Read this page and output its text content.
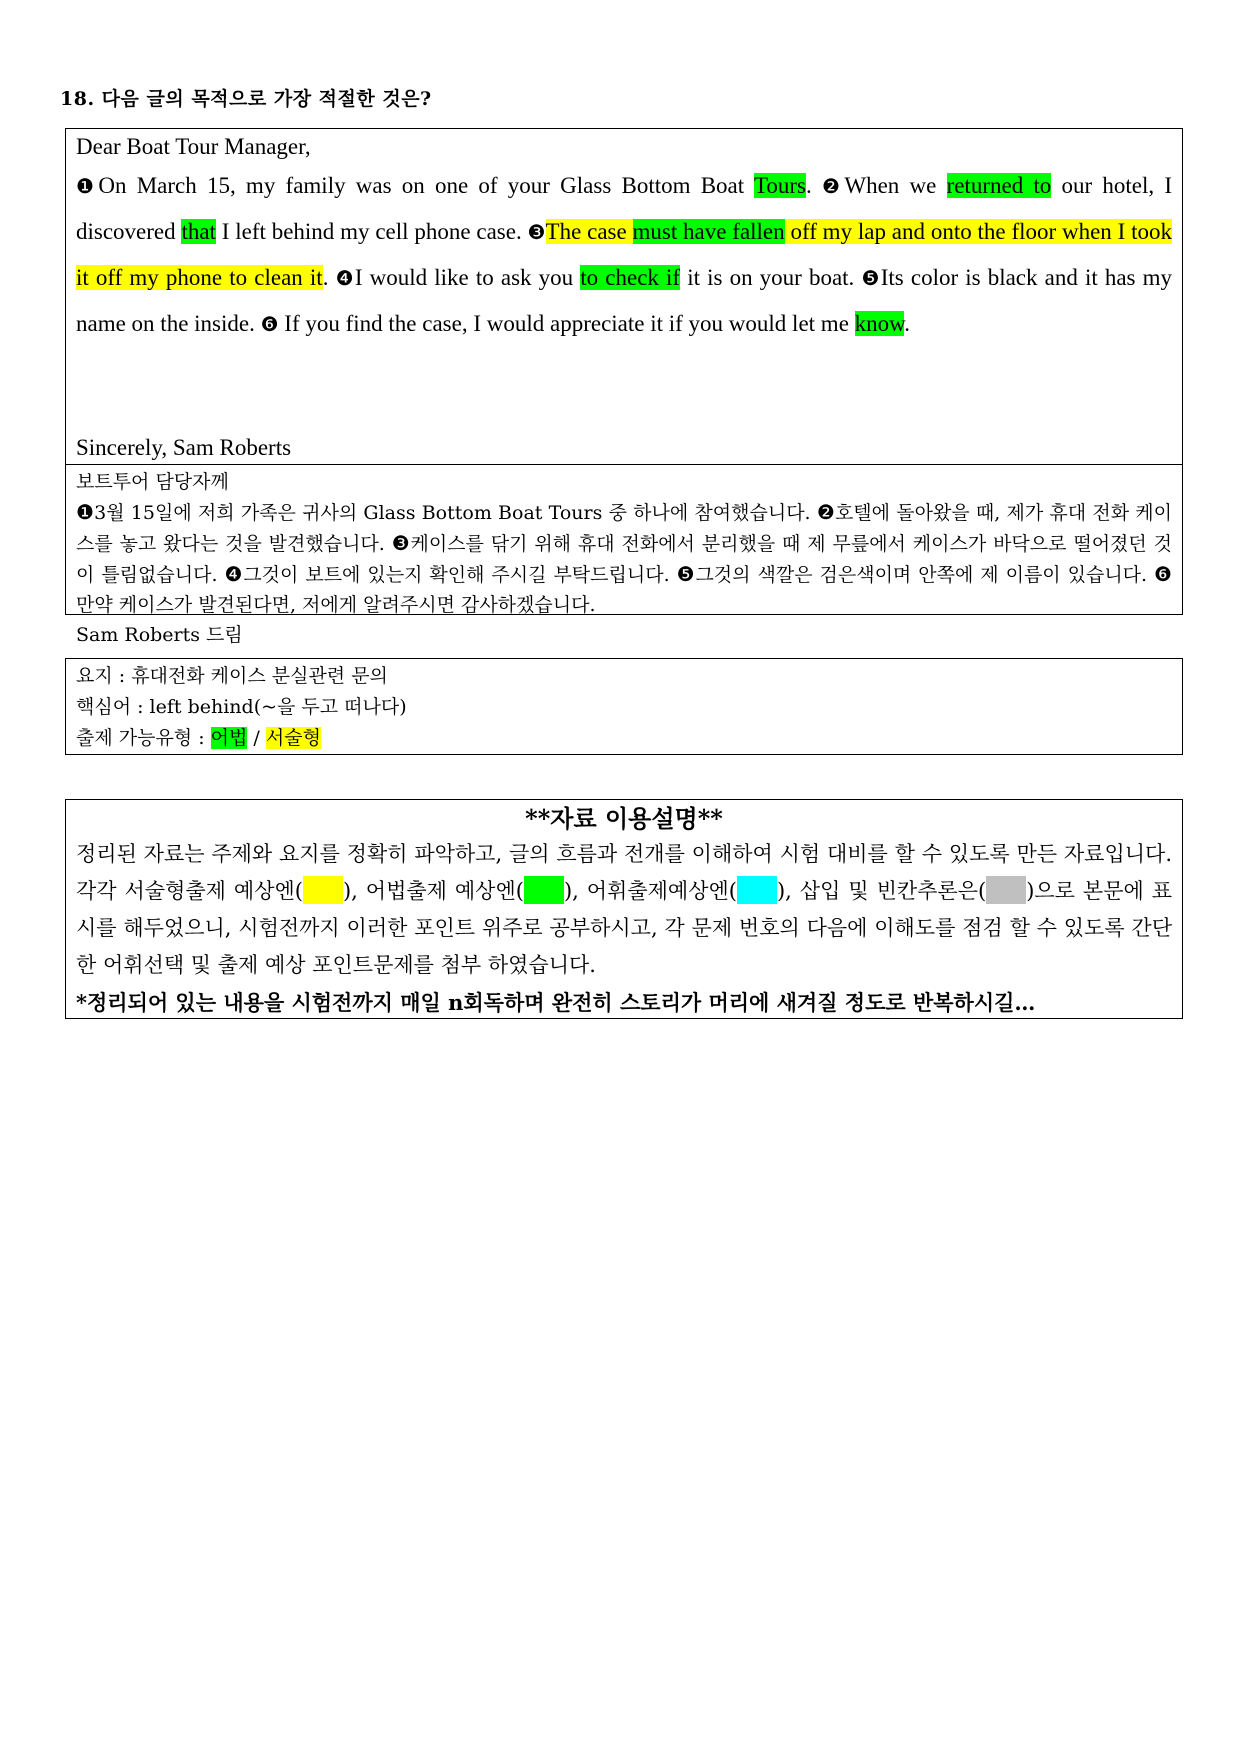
18. 다음 글의 목적으로 가장 적절한 것은?

Dear Boat Tour Manager,

❶On March 15, my family was on one of your Glass Bottom Boat Tours. ❷When we returned to our hotel, I discovered that I left behind my cell phone case. ❸The case must have fallen off my lap and onto the floor when I took it off my phone to clean it. ❹I would like to ask you to check if it is on your boat. ❺Its color is black and it has my name on the inside. ❻ If you find the case, I would appreciate it if you would let me know.

Sincerely, Sam Roberts

보트투어 담당자께

❶3월 15일에 저희 가족은 귀사의 Glass Bottom Boat Tours 중 하나에 참여했습니다. ❷호텔에 돌아왔을 때, 제가 휴대 전화 케이스를 놓고 왔다는 것을 발견했습니다. ❸케이스를 닦기 위해 휴대 전화에서 분리했을 때 제 무릎에서 케이스가 바닥으로 떨어졌던 것이 틀림없습니다. ❹그것이 보트에 있는지 확인해 주시길 부탁드립니다. ❺그것의 색깔은 검은색이며 안쪽에 제 이름이 있습니다. ❻만약 케이스가 발견된다면, 저에게 알려주시면 감사하겠습니다.

Sam Roberts 드림

요지 : 휴대전화 케이스 분실관련 문의

핵심어 : left behind(~을 두고 떠나다)

출제 가능유형 : 어법 / 서술형

**자료 이용설명**

정리된 자료는 주제와 요지를 정확히 파악하고, 글의 흐름과 전개를 이해하여 시험 대비를 할 수 있도록 만든 자료입니다. 각각 서술형출제 예상엔( ), 어법출제 예상엔( ), 어휘출제예상엔( ), 삽입 및 빈칸추론은( )으로 본문에 표시를 해두었으니, 시험전까지 이러한 포인트 위주로 공부하시고, 각 문제 번호의 다음에 이해도를 점검 할 수 있도록 간단한 어휘선택 및 출제 예상 포인트문제를 첨부 하였습니다.

*정리되어 있는 내용을 시험전까지 매일 n회독하며 완전히 스토리가 머리에 새겨질 정도로 반복하시길…
